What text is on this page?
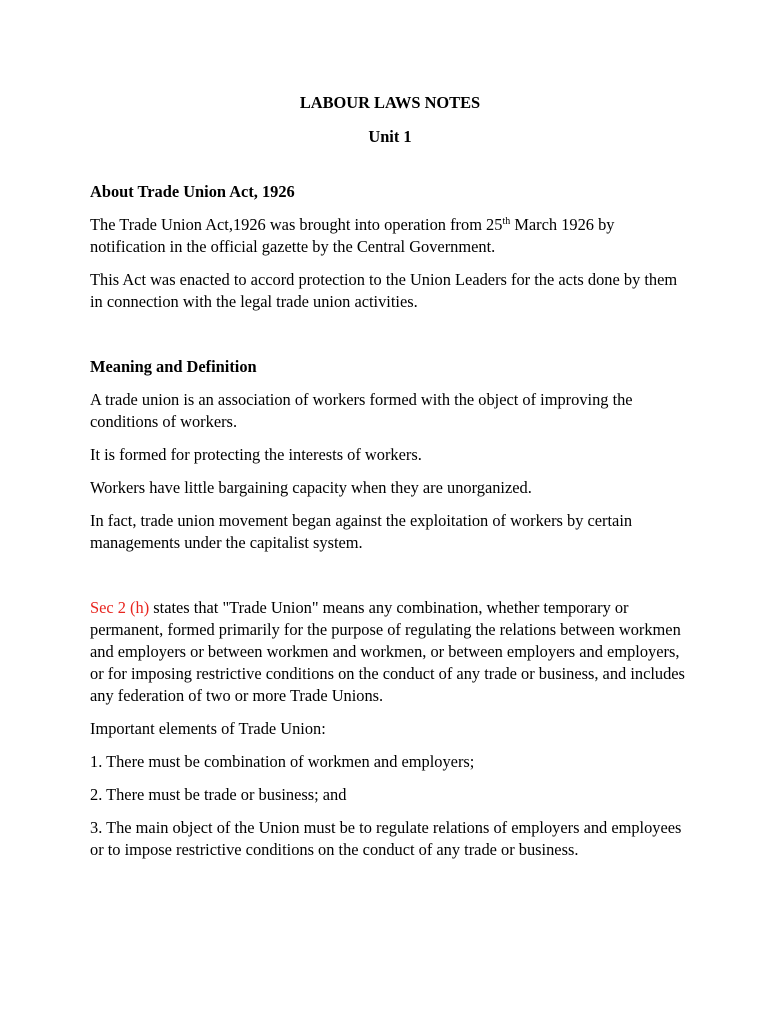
LABOUR LAWS NOTES

Unit 1

About Trade Union Act, 1926

The Trade Union Act,1926 was brought into operation from 25th March 1926 by notification in the official gazette by the Central Government.

This Act was enacted to accord protection to the Union Leaders for the acts done by them in connection with the legal trade union activities.

Meaning and Definition

A trade union is an association of workers formed with the object of improving the conditions of workers.

It is formed for protecting the interests of workers.

Workers have little bargaining capacity when they are unorganized.

In fact, trade union movement began against the exploitation of workers by certain managements under the capitalist system.

Sec 2 (h) states that "Trade Union" means any combination, whether temporary or permanent, formed primarily for the purpose of regulating the relations between workmen and employers or between workmen and workmen, or between employers and employers, or for imposing restrictive conditions on the conduct of any trade or business, and includes any federation of two or more Trade Unions.

Important elements of Trade Union:

1. There must be combination of workmen and employers;

2. There must be trade or business; and

3. The main object of the Union must be to regulate relations of employers and employees or to impose restrictive conditions on the conduct of any trade or business.
